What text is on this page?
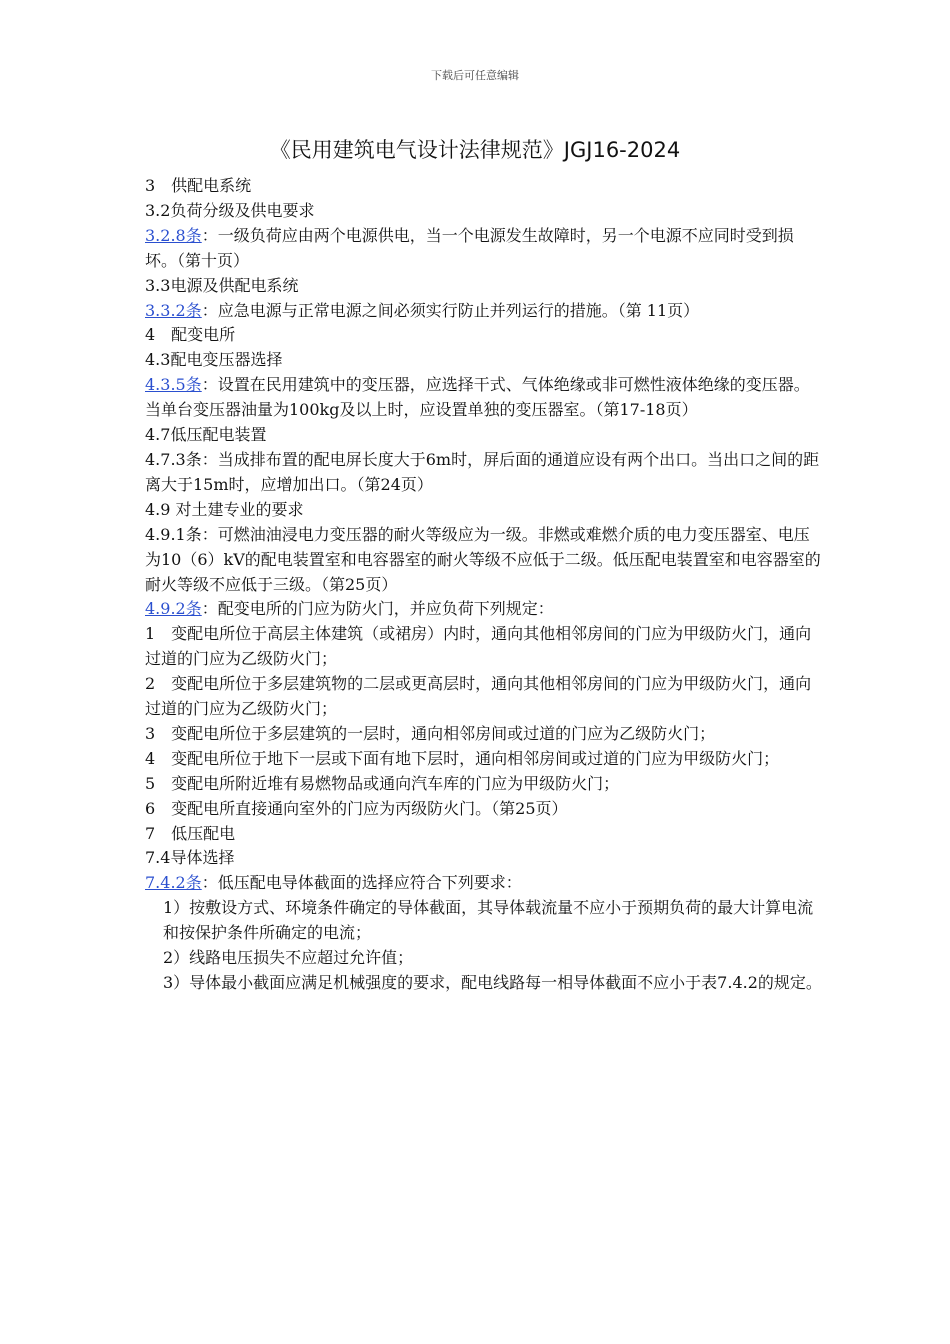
下载后可任意编辑
《民用建筑电气设计法律规范》JGJ16-2024

3　供配电系统

3.2负荷分级及供电要求

3.2.8条：一级负荷应由两个电源供电，当一个电源发生故障时，另一个电源不应同时受到损坏。（第十页）

3.3电源及供配电系统

3.3.2条：应急电源与正常电源之间必须实行防止并列运行的措施。（第 11页）

4　配变电所

4.3配电变压器选择

4.3.5条：设置在民用建筑中的变压器，应选择干式、气体绝缘或非可燃性液体绝缘的变压器。当单台变压器油量为100kg及以上时，应设置单独的变压器室。（第17-18页）

4.7低压配电装置

4.7.3条：当成排布置的配电屏长度大于6m时，屏后面的通道应设有两个出口。当出口之间的距离大于15m时，应增加出口。（第24页）

4.9 对土建专业的要求

4.9.1条：可燃油油浸电力变压器的耐火等级应为一级。非燃或难燃介质的电力变压器室、电压为10（6）kV的配电装置室和电容器室的耐火等级不应低于二级。低压配电装置室和电容器室的耐火等级不应低于三级。（第25页）

4.9.2条：配变电所的门应为防火门，并应负荷下列规定：

1　变配电所位于高层主体建筑（或裙房）内时，通向其他相邻房间的门应为甲级防火门，通向过道的门应为乙级防火门；

2　变配电所位于多层建筑物的二层或更高层时，通向其他相邻房间的门应为甲级防火门，通向过道的门应为乙级防火门；

3　变配电所位于多层建筑的一层时，通向相邻房间或过道的门应为乙级防火门；

4　变配电所位于地下一层或下面有地下层时，通向相邻房间或过道的门应为甲级防火门；

5　变配电所附近堆有易燃物品或通向汽车库的门应为甲级防火门；

6　变配电所直接通向室外的门应为丙级防火门。（第25页）

7　低压配电

7.4导体选择

7.4.2条：低压配电导体截面的选择应符合下列要求：

1）按敷设方式、环境条件确定的导体截面，其导体载流量不应小于预期负荷的最大计算电流和按保护条件所确定的电流；

2）线路电压损失不应超过允许值；

3）导体最小截面应满足机械强度的要求，配电线路每一相导体截面不应小于表7.4.2的规定。
